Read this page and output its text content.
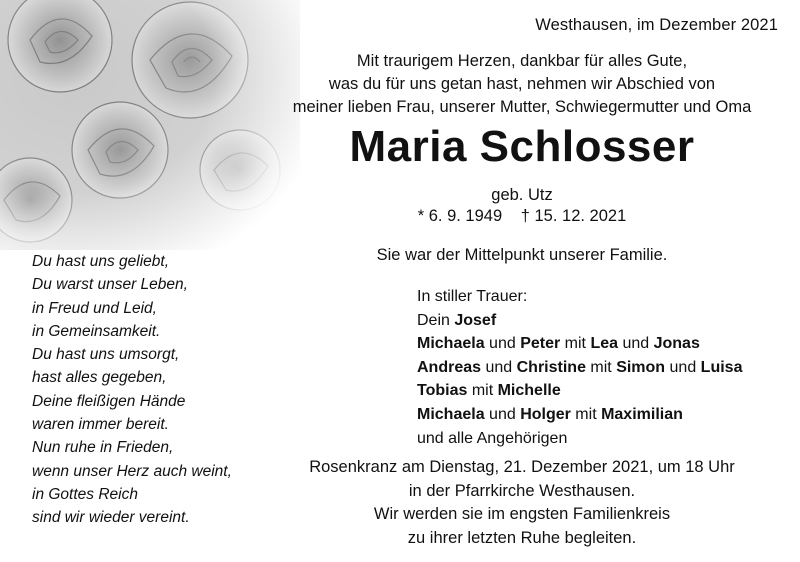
Westhausen, im Dezember 2021
Mit traurigem Herzen, dankbar für alles Gute,
was du für uns getan hast, nehmen wir Abschied von
meiner lieben Frau, unserer Mutter, Schwiegermutter und Oma
Maria Schlosser
geb. Utz
* 6. 9. 1949 † 15. 12. 2021
Sie war der Mittelpunkt unserer Familie.
Du hast uns geliebt,
Du warst unser Leben,
in Freud und Leid,
in Gemeinsamkeit.
Du hast uns umsorgt,
hast alles gegeben,
Deine fleißigen Hände
waren immer bereit.
Nun ruhe in Frieden,
wenn unser Herz auch weint,
in Gottes Reich
sind wir wieder vereint.
In stiller Trauer:
Dein Josef
Michaela und Peter mit Lea und Jonas
Andreas und Christine mit Simon und Luisa
Tobias mit Michelle
Michaela und Holger mit Maximilian
und alle Angehörigen
Rosenkranz am Dienstag, 21. Dezember 2021, um 18 Uhr
in der Pfarrkirche Westhausen.
Wir werden sie im engsten Familienkreis
zu ihrer letzten Ruhe begleiten.
